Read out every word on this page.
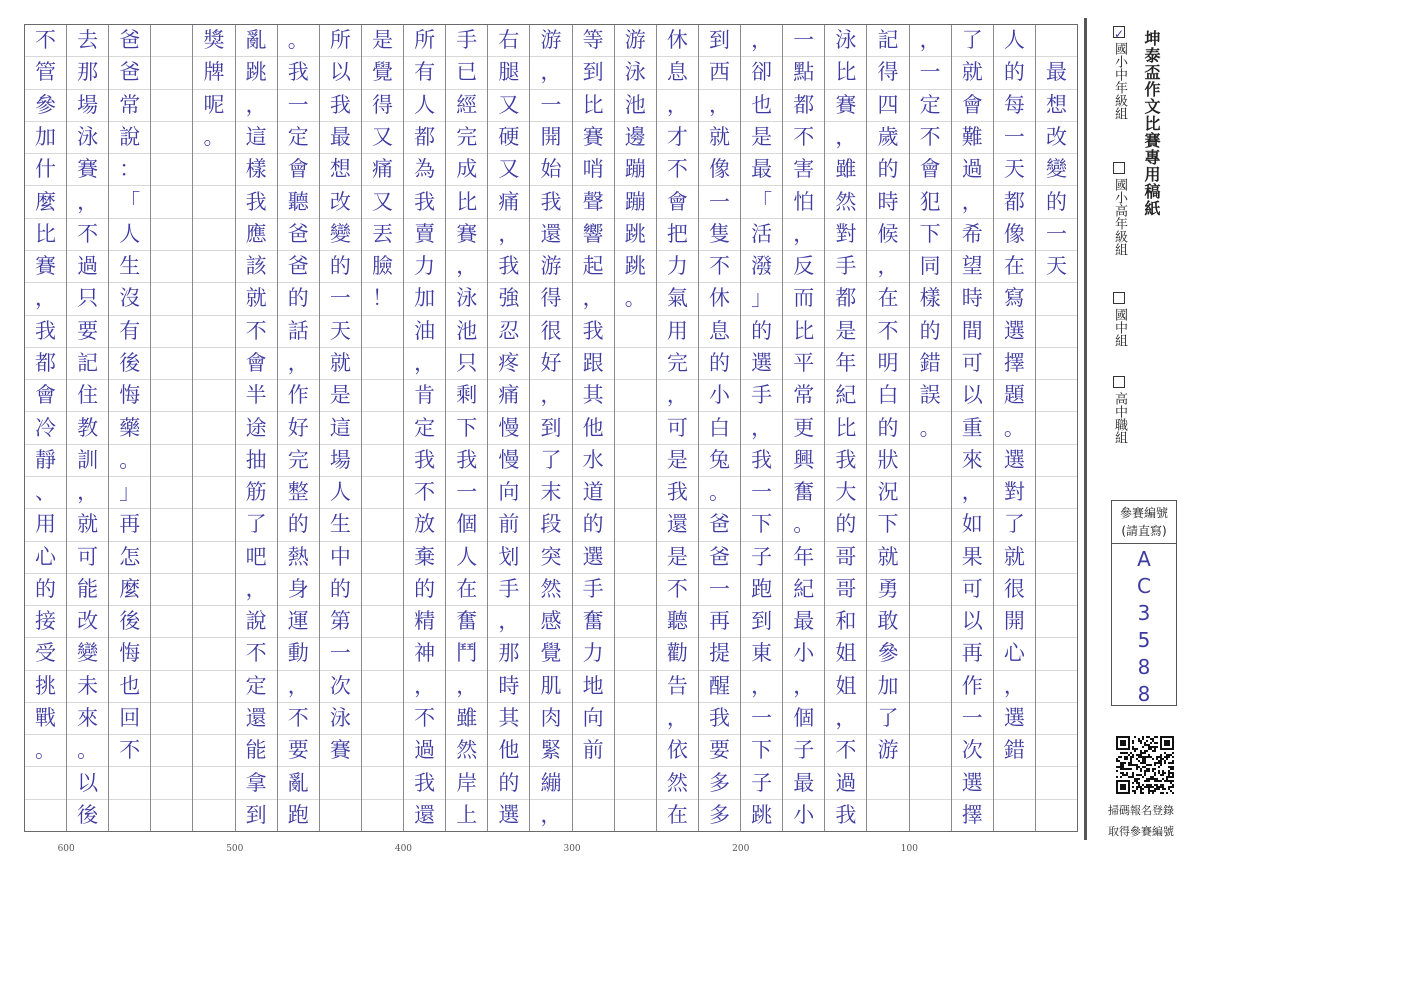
最
想
改
變
的
一
天
人
的
每
一
天
都
像
在
寫
選
擇
題
。
選
對
了
就
很
開
心
，
選
錯
了
就
會
難
過
，
希
望
時
間
可
以
重
來
，
如
果
可
以
再
作
一
次
選
擇
，
一
定
不
會
犯
下
同
樣
的
錯
誤
。
記
得
四
歲
的
時
候
，
在
不
明
白
的
狀
況
下
就
勇
敢
參
加
了
游
泳
比
賽
，
雖
然
對
手
都
是
年
紀
比
我
大
的
哥
哥
和
姐
姐
，
不
過
我
一
點
都
不
害
怕
，
反
而
比
平
常
更
興
奮
。
年
紀
最
小
，
個
子
最
小
，
卻
也
是
最
「
活
潑
」
的
選
手
，
我
一
下
子
跑
到
東
，
一
下
子
跳
到
西
，
就
像
一
隻
不
休
息
的
小
白
兔
。
爸
爸
一
再
提
醒
我
要
多
多
休
息
，
才
不
會
把
力
氣
用
完
，
可
是
我
還
是
不
聽
勸
告
，
依
然
在
游
泳
池
邊
蹦
蹦
跳
跳
。
等
到
比
賽
哨
聲
響
起
，
我
跟
其
他
水
道
的
選
手
奮
力
地
向
前
游
，
一
開
始
我
還
游
得
很
好
，
到
了
末
段
突
然
感
覺
肌
肉
緊
繃
，
右
腿
又
硬
又
痛
，
我
強
忍
疼
痛
慢
慢
向
前
划
手
，
那
時
其
他
的
選
手
已
經
完
成
比
賽
，
泳
池
只
剩
下
我
一
個
人
在
奮
鬥
，
雖
然
岸
上
所
有
人
都
為
我
賣
力
加
油
，
肯
定
我
不
放
棄
的
精
神
，
不
過
我
還
是
覺
得
又
痛
又
丟
臉
！
所
以
我
最
想
改
變
的
一
天
就
是
這
場
人
生
中
的
第
一
次
泳
賽
。
我
一
定
會
聽
爸
爸
的
話
，
作
好
完
整
的
熱
身
運
動
，
不
要
亂
跑
亂
跳
，
這
樣
我
應
該
就
不
會
半
途
抽
筋
了
吧
，
說
不
定
還
能
拿
到
獎
牌
呢
。
爸
爸
常
說
：
「
人
生
沒
有
後
悔
藥
。
」
再
怎
麼
後
悔
也
回
不
去
那
場
泳
賽
，
不
過
只
要
記
住
教
訓
，
就
可
能
改
變
未
來
。
以
後
不
管
參
加
什
麼
比
賽
，
我
都
會
冷
靜
、
用
心
的
接
受
挑
戰
。
100
200
300
400
500
600
坤泰盃作文比賽專用稿紙
✓國小中年級組
國小高年級組
國中組
高中職組
參賽編號
(請直寫)
A
C
3
5
8
8
掃碼報名登錄
取得參賽編號
